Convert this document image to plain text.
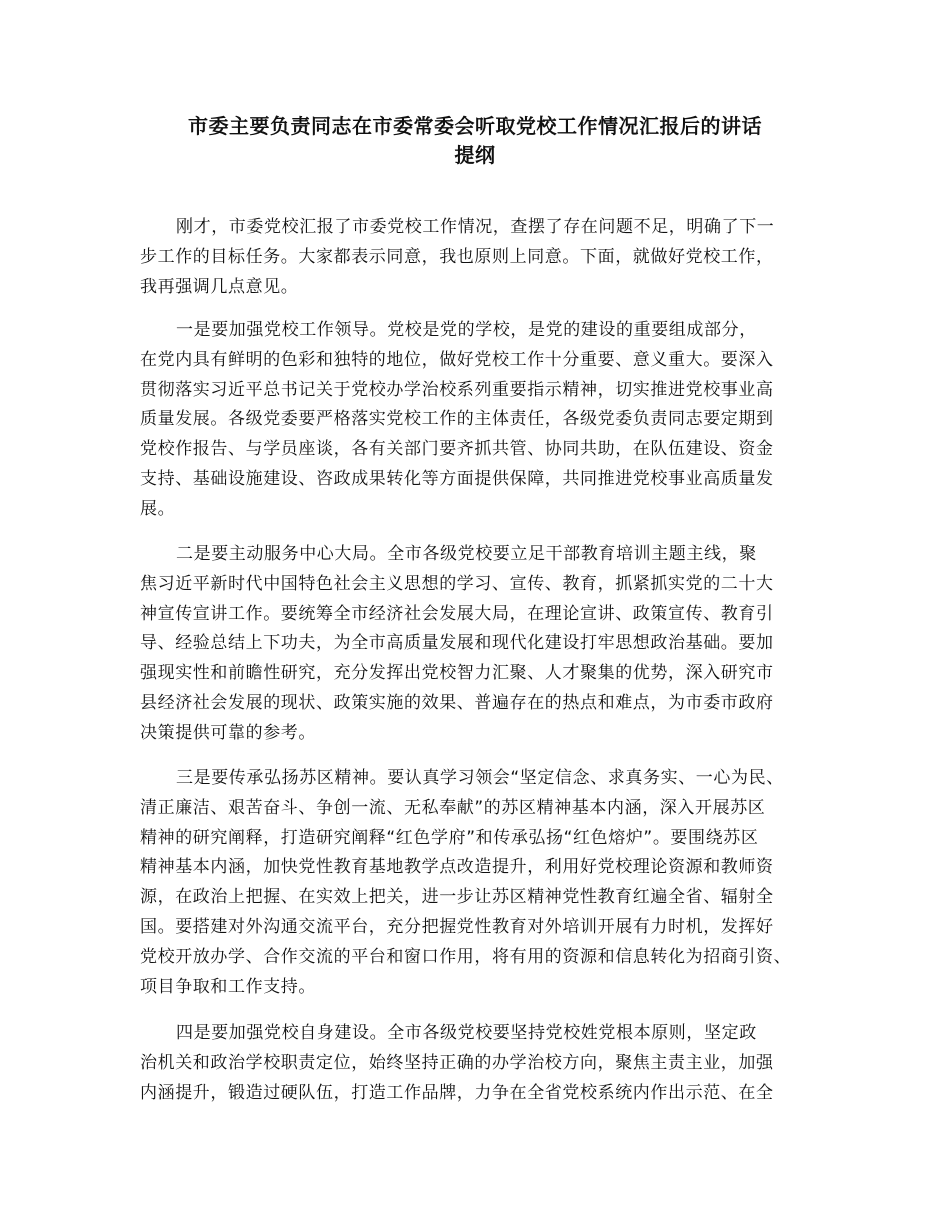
市委主要负责同志在市委常委会听取党校工作情况汇报后的讲话
提纲
刚才，市委党校汇报了市委党校工作情况，查摆了存在问题不足，明确了下一
步工作的目标任务。大家都表示同意，我也原则上同意。下面，就做好党校工作，
我再强调几点意见。
一是要加强党校工作领导。党校是党的学校，是党的建设的重要组成部分，
在党内具有鲜明的色彩和独特的地位，做好党校工作十分重要、意义重大。要深入
贯彻落实习近平总书记关于党校办学治校系列重要指示精神，切实推进党校事业高
质量发展。各级党委要严格落实党校工作的主体责任，各级党委负责同志要定期到
党校作报告、与学员座谈，各有关部门要齐抓共管、协同共助，在队伍建设、资金
支持、基础设施建设、咨政成果转化等方面提供保障，共同推进党校事业高质量发
展。
二是要主动服务中心大局。全市各级党校要立足干部教育培训主题主线，聚
焦习近平新时代中国特色社会主义思想的学习、宣传、教育，抓紧抓实党的二十大
神宣传宣讲工作。要统筹全市经济社会发展大局，在理论宣讲、政策宣传、教育引
导、经验总结上下功夫，为全市高质量发展和现代化建设打牢思想政治基础。要加
强现实性和前瞻性研究，充分发挥出党校智力汇聚、人才聚集的优势，深入研究市
县经济社会发展的现状、政策实施的效果、普遍存在的热点和难点，为市委市政府
决策提供可靠的参考。
三是要传承弘扬苏区精神。要认真学习领会“坚定信念、求真务实、一心为民、
清正廉洁、艰苦奋斗、争创一流、无私奉献”的苏区精神基本内涵，深入开展苏区
精神的研究阐释，打造研究阐释“红色学府”和传承弘扬“红色熔炉”。要围绕苏区
精神基本内涵，加快党性教育基地教学点改造提升，利用好党校理论资源和教师资
源，在政治上把握、在实效上把关，进一步让苏区精神党性教育红遍全省、辐射全
国。要搭建对外沟通交流平台，充分把握党性教育对外培训开展有力时机，发挥好
党校开放办学、合作交流的平台和窗口作用，将有用的资源和信息转化为招商引资、
项目争取和工作支持。
四是要加强党校自身建设。全市各级党校要坚持党校姓党根本原则，坚定政
治机关和政治学校职责定位，始终坚持正确的办学治校方向，聚焦主责主业，加强
内涵提升，锻造过硬队伍，打造工作品牌，力争在全省党校系统内作出示范、在全
